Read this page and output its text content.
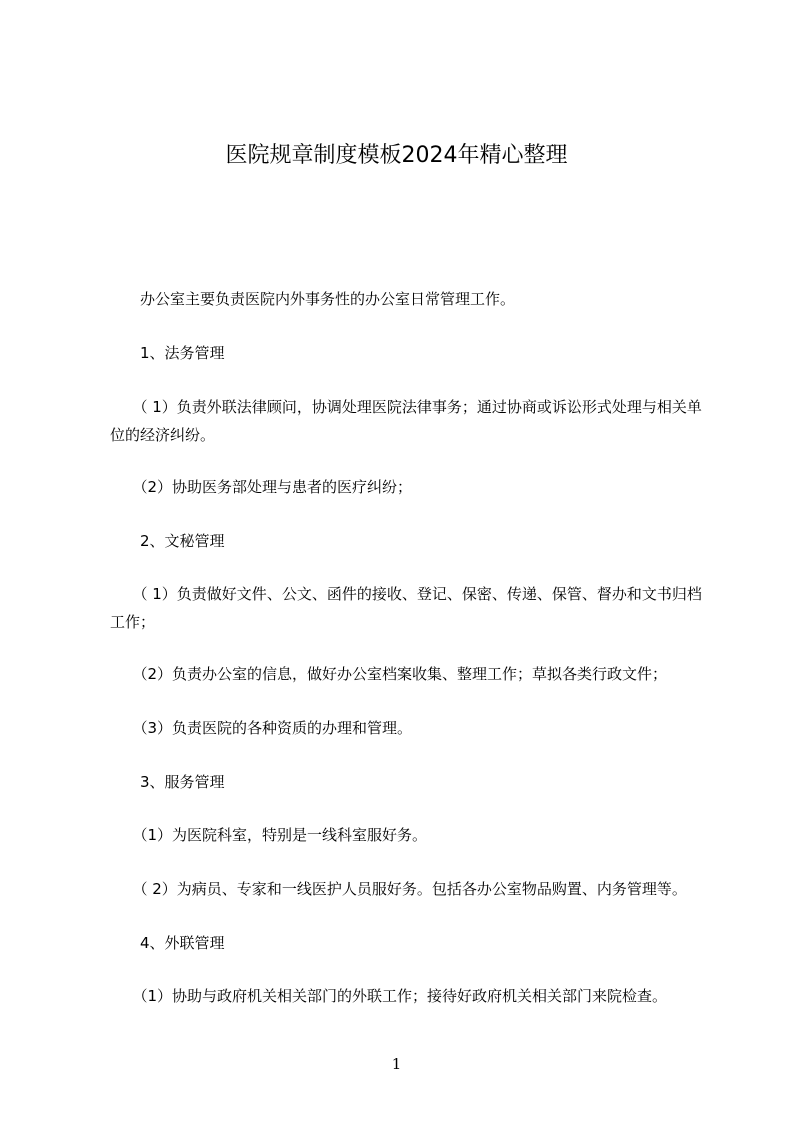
医院规章制度模板2024年精心整理
　　办公室主要负责医院内外事务性的办公室日常管理工作。
　　1、法务管理
　　（ 1）负责外联法律顾问，协调处理医院法律事务；通过协商或诉讼形式处理与相关单位的经济纠纷。
　　（2）协助医务部处理与患者的医疗纠纷；
　　2、文秘管理
　　（ 1）负责做好文件、公文、函件的接收、登记、保密、传递、保管、督办和文书归档工作；
　　（2）负责办公室的信息，做好办公室档案收集、整理工作；草拟各类行政文件；
　　（3）负责医院的各种资质的办理和管理。
　　3、服务管理
　　（1）为医院科室，特别是一线科室服好务。
　　（ 2）为病员、专家和一线医护人员服好务。包括各办公室物品购置、内务管理等。
　　4、外联管理
　　（1）协助与政府机关相关部门的外联工作；接待好政府机关相关部门来院检查。
1
